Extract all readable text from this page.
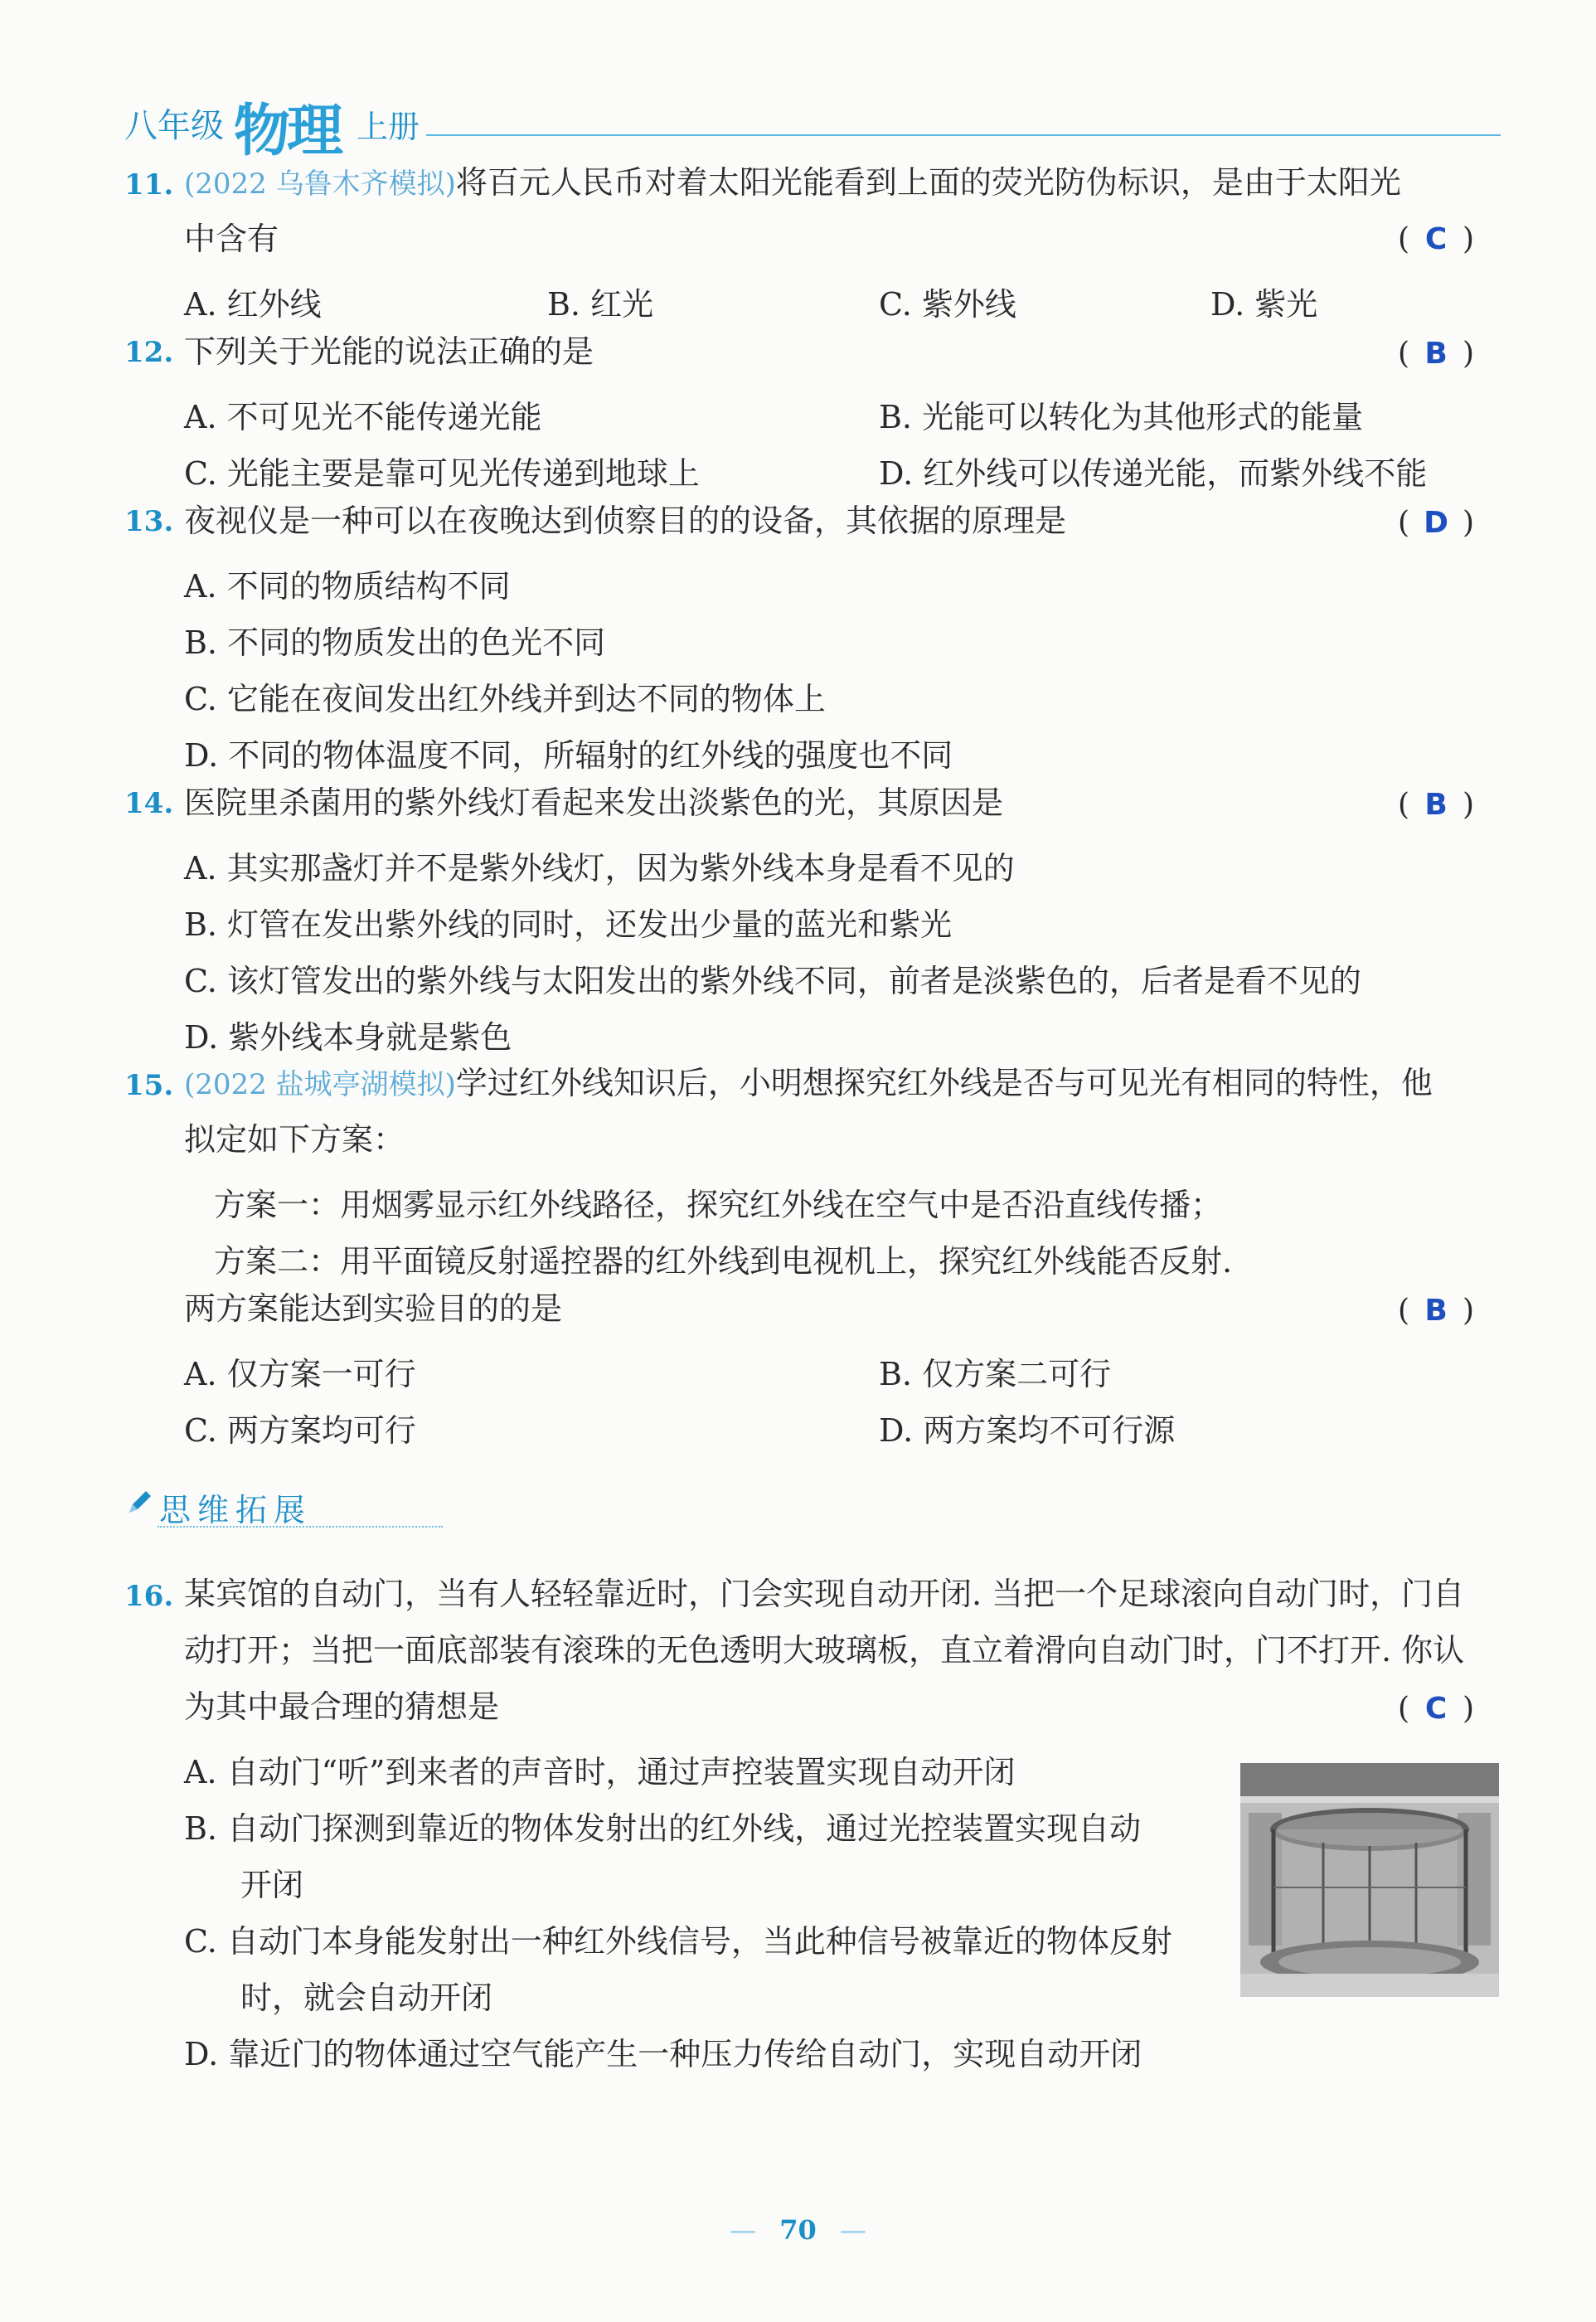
八年级 物理 上册
11. (2022 乌鲁木齐模拟)将百元人民币对着太阳光能看到上面的荧光防伪标识，是由于太阳光
中含有	( C )
A. 红外线	B. 红光	C. 紫外线	D. 紫光
12. 下列关于光能的说法正确的是	( B )
A. 不可见光不能传递光能	B. 光能可以转化为其他形式的能量
C. 光能主要是靠可见光传递到地球上	D. 红外线可以传递光能，而紫外线不能
13. 夜视仪是一种可以在夜晚达到侦察目的的设备，其依据的原理是	( D )
A. 不同的物质结构不同
B. 不同的物质发出的色光不同
C. 它能在夜间发出红外线并到达不同的物体上
D. 不同的物体温度不同，所辐射的红外线的强度也不同
14. 医院里杀菌用的紫外线灯看起来发出淡紫色的光，其原因是	( B )
A. 其实那盏灯并不是紫外线灯，因为紫外线本身是看不见的
B. 灯管在发出紫外线的同时，还发出少量的蓝光和紫光
C. 该灯管发出的紫外线与太阳发出的紫外线不同，前者是淡紫色的，后者是看不见的
D. 紫外线本身就是紫色
15. (2022 盐城亭湖模拟)学过红外线知识后，小明想探究红外线是否与可见光有相同的特性，他
拟定如下方案：
方案一：用烟雾显示红外线路径，探究红外线在空气中是否沿直线传播；
方案二：用平面镜反射遥控器的红外线到电视机上，探究红外线能否反射.
两方案能达到实验目的的是	( B )
A. 仅方案一可行	B. 仅方案二可行
C. 两方案均可行	D. 两方案均不可行源
思维拓展
16. 某宾馆的自动门，当有人轻轻靠近时，门会实现自动开闭. 当把一个足球滚向自动门时，门自
动打开；当把一面底部装有滚珠的无色透明大玻璃板，直立着滑向自动门时，门不打开. 你认
为其中最合理的猜想是	( C )
A. 自动门“听”到来者的声音时，通过声控装置实现自动开闭
B. 自动门探测到靠近的物体发射出的红外线，通过光控装置实现自动
开闭
C. 自动门本身能发射出一种红外线信号，当此种信号被靠近的物体反射
时，就会自动开闭
D. 靠近门的物体通过空气能产生一种压力传给自动门，实现自动开闭
— 70 —
